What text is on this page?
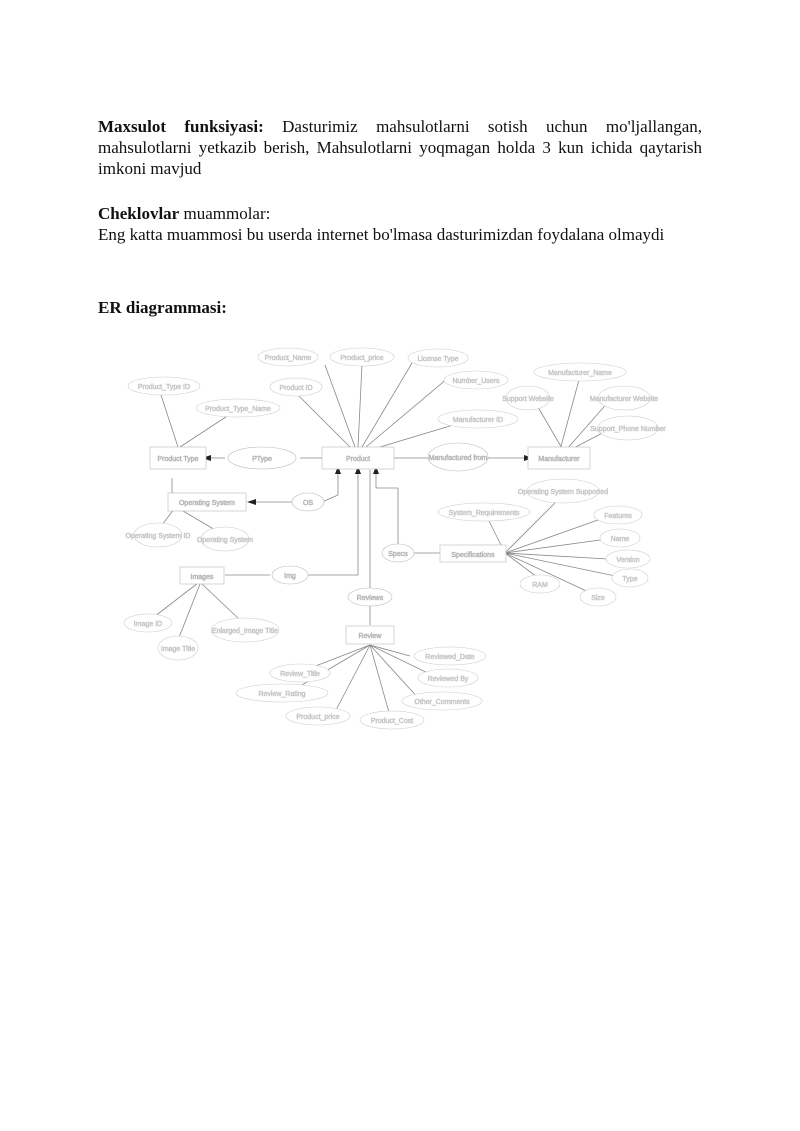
Maxsulot funksiyasi: Dasturimiz mahsulotlarni sotish uchun mo'ljallangan, mahsulotlarni yetkazib berish, Mahsulotlarni yoqmagan holda 3 kun ichida qaytarish imkoni mavjud
Cheklovlar muammolar:
Eng katta muammosi bu userda internet bo'lmasa dasturimizdan foydalana olmaydi
ER diagrammasi:
Product	Manufacturer
Product Type
Operating System
Images
Specifications
Review
PType	Manufactured from
OS
Specs
Img
Reviews
Product_Name	Product_price	License Type
Number_Users
Product ID
Manufacturer ID
Product_Type ID
Product_Type_Name
Manufacturer_Name
Support Website	Manufacturer Website
Support_Phone Number
Operating System Supported
System_Requirements	Features
Name
Version
Type
Size
RAM
Operating System ID
Operating System
Image ID
Image Title
Enlarged_Image Title
Review_Title
Review_Rating
Product_price
Product_Cost
Reviewed_Date
Reviewed By
Other_Comments
